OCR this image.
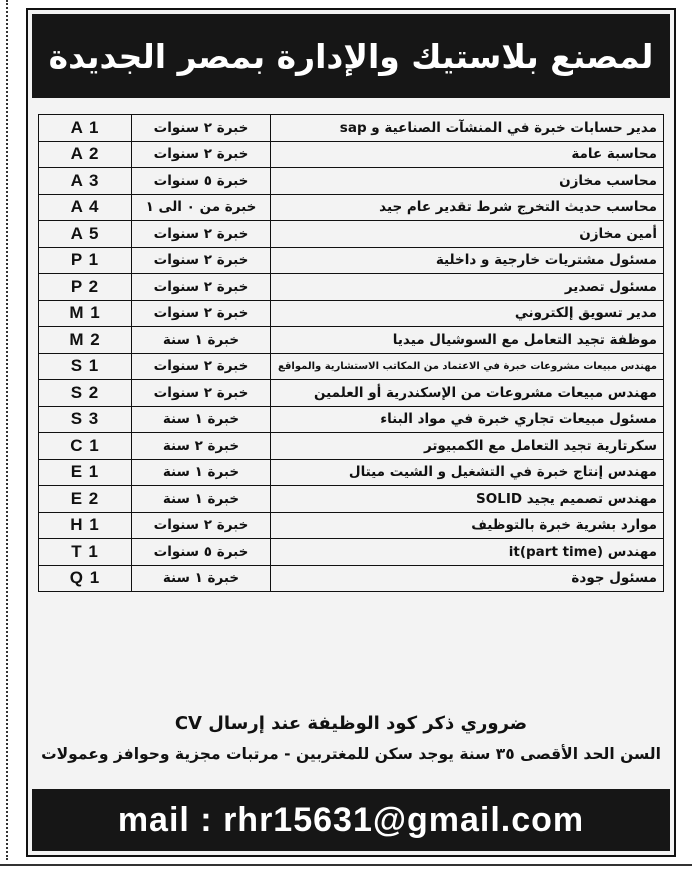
لمصنع بلاستيك والإدارة بمصر الجديدة
مدير حسابات خبرة في المنشآت الصناعية و sap	خبرة ٢ سنوات	A 1
محاسبة عامة	خبرة ٢ سنوات	A 2
محاسب مخازن	خبرة ٥ سنوات	A 3
محاسب حديث التخرج شرط تقدير عام جيد	خبرة من ٠ الى ١	A 4
أمين مخازن	خبرة ٢ سنوات	A 5
مسئول مشتريات خارجية و داخلية	خبرة ٢ سنوات	P 1
مسئول تصدير	خبرة ٢ سنوات	P 2
مدير تسويق إلكتروني	خبرة ٢ سنوات	M 1
موظفة تجيد التعامل مع السوشيال ميديا	خبرة ١ سنة	M 2
مهندس مبيعات مشروعات خبرة في الاعتماد من المكاتب الاستشارية والمواقع	خبرة ٢ سنوات	S 1
مهندس مبيعات مشروعات من الإسكندرية أو العلمين	خبرة ٢ سنوات	S 2
مسئول مبيعات تجاري خبرة في مواد البناء	خبرة ١ سنة	S 3
سكرتارية تجيد التعامل مع الكمبيوتر	خبرة ٢ سنة	C 1
مهندس إنتاج خبرة في التشغيل و الشيت ميتال	خبرة ١ سنة	E 1
مهندس تصميم يجيد SOLID	خبرة ١ سنة	E 2
موارد بشرية خبرة بالتوظيف	خبرة ٢ سنوات	H 1
مهندس it(part time)	خبرة ٥ سنوات	T 1
مسئول جودة	خبرة ١ سنة	Q 1
ضروري ذكر كود الوظيفة عند إرسال CV
السن الحد الأقصى ٣٥ سنة يوجد سكن للمغتربين - مرتبات مجزية وحوافز وعمولات
mail : rhr15631@gmail.com
